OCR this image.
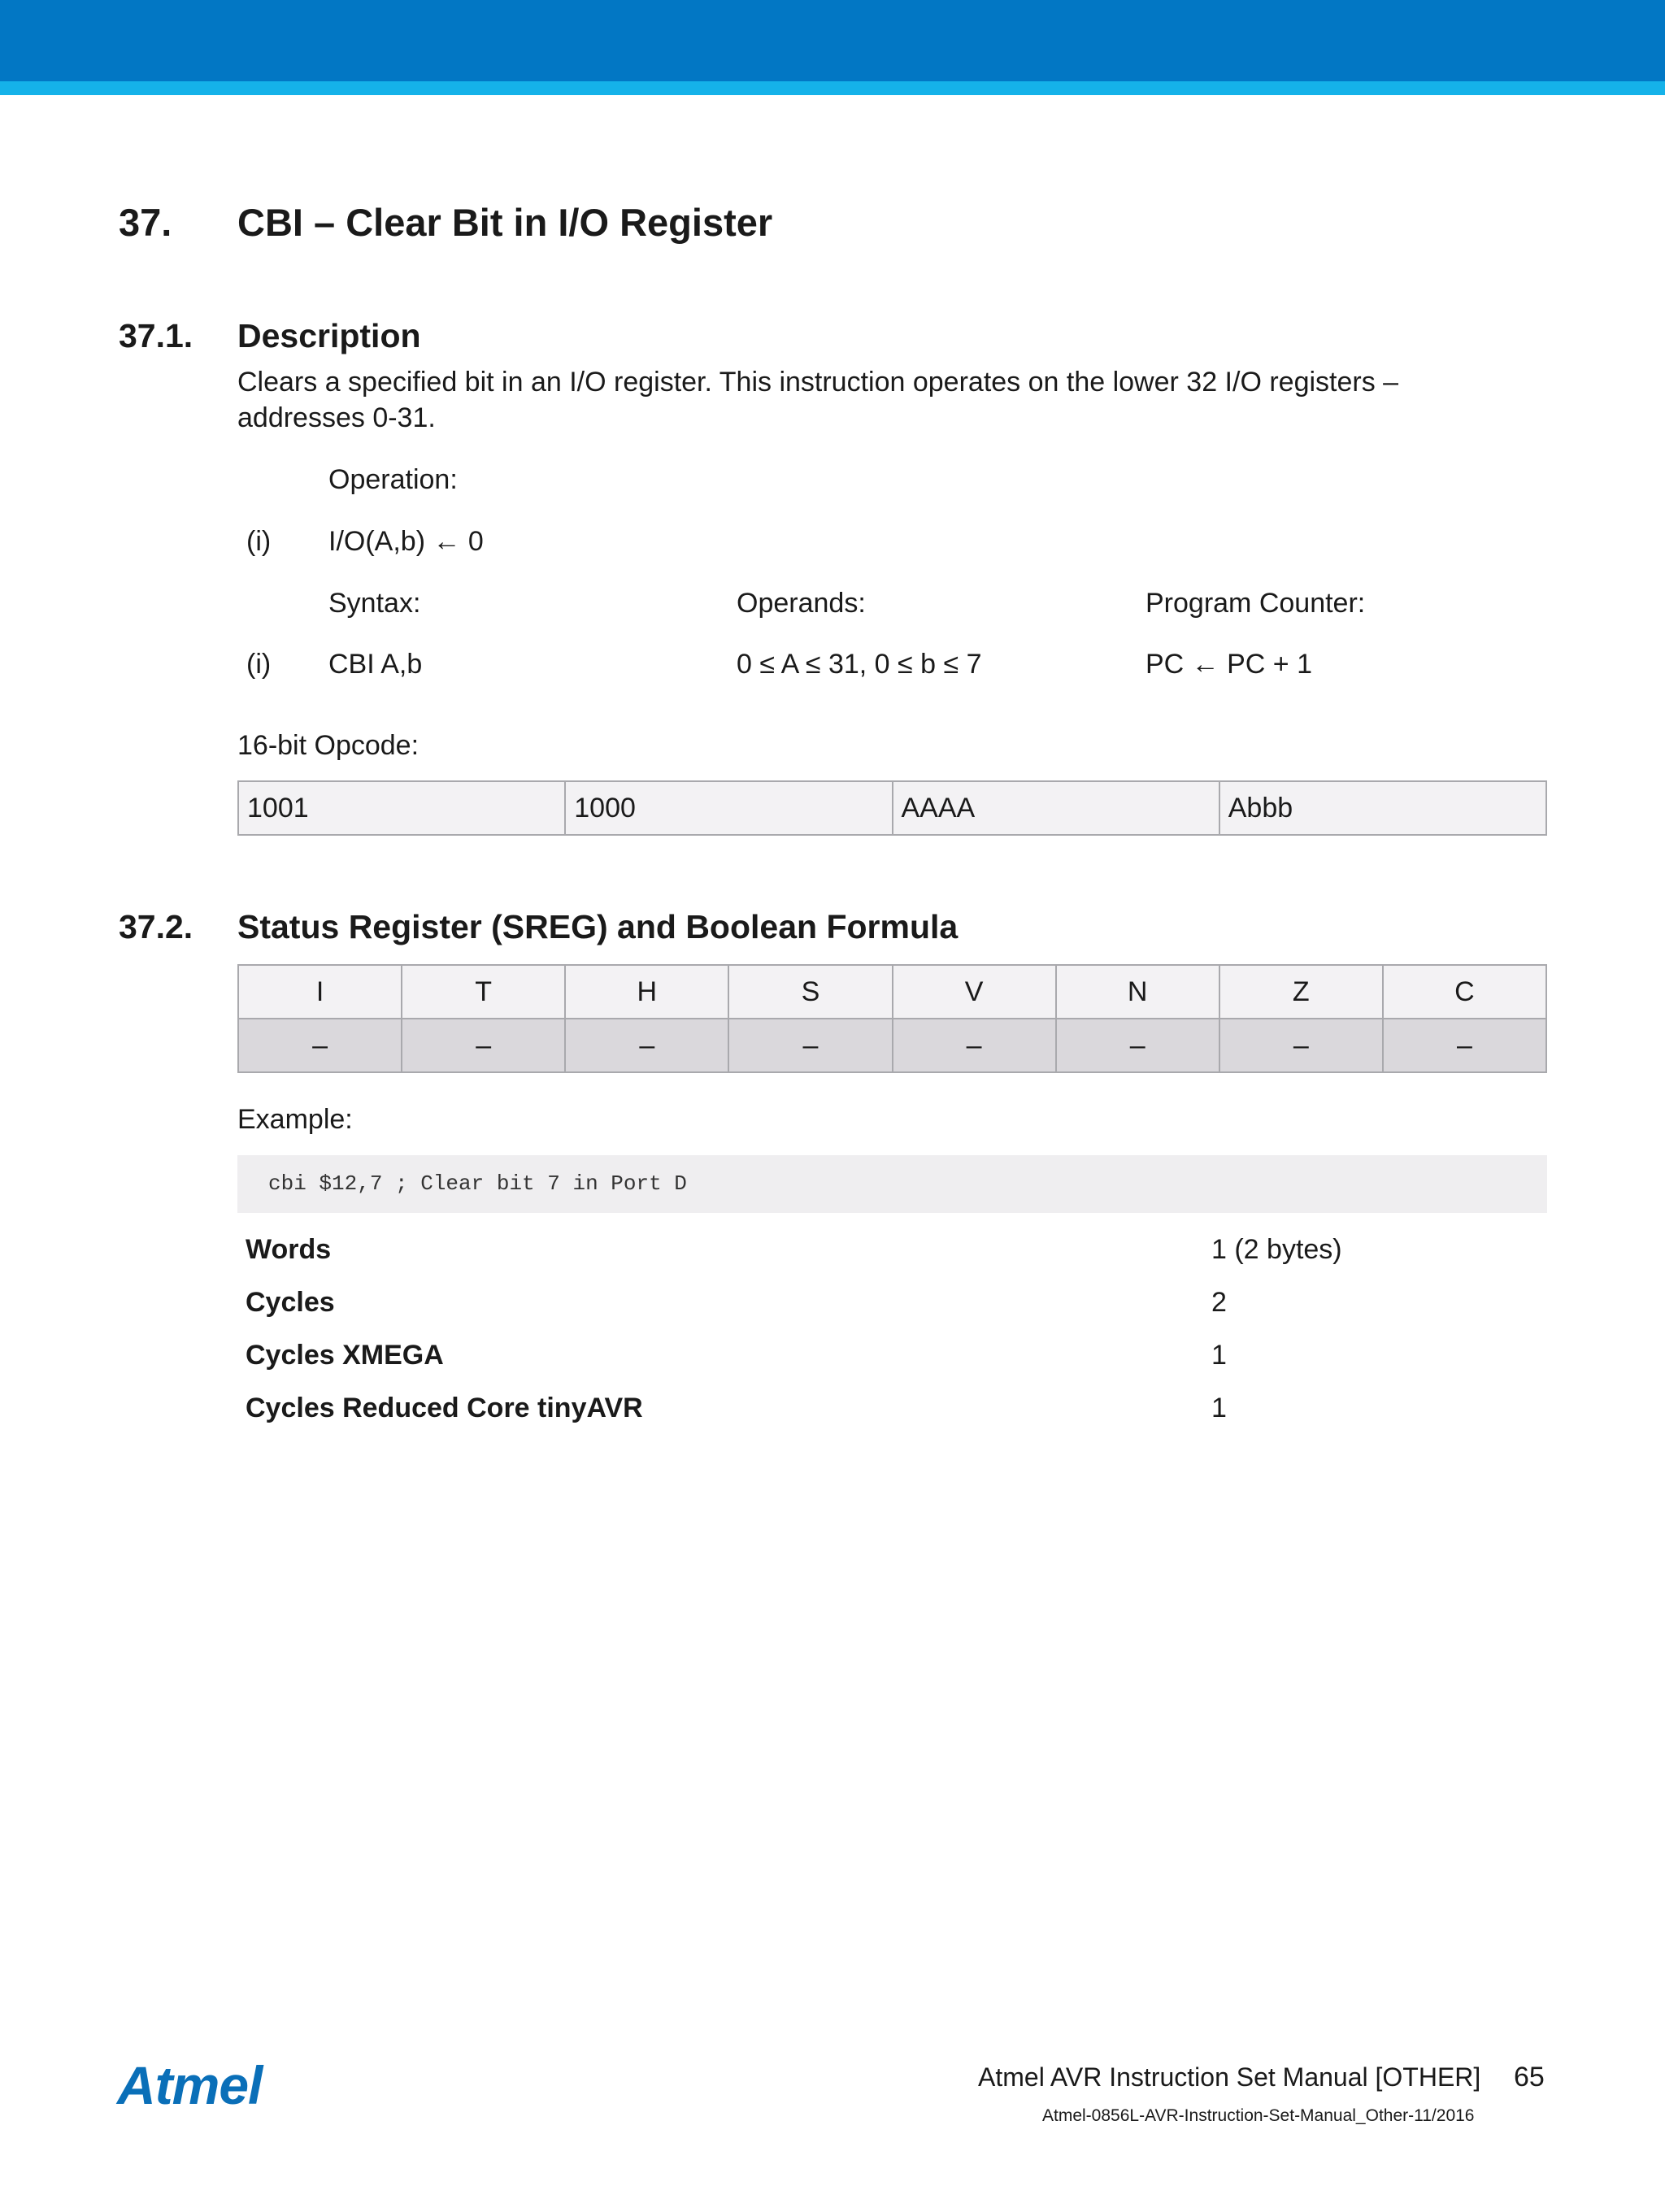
37. CBI – Clear Bit in I/O Register
37.1. Description
Clears a specified bit in an I/O register. This instruction operates on the lower 32 I/O registers –
addresses 0-31.
Operation:
(i) I/O(A,b) ← 0
Syntax:	Operands:	Program Counter:
(i) CBI A,b	0 ≤ A ≤ 31, 0 ≤ b ≤ 7	PC ← PC + 1
16-bit Opcode:
1001	1000	AAAA	Abbb
37.2. Status Register (SREG) and Boolean Formula
I	T	H	S	V	N	Z	C
–	–	–	–	–	–	–	–
Example:
cbi $12,7 ; Clear bit 7 in Port D
Words	1 (2 bytes)
Cycles	2
Cycles XMEGA	1
Cycles Reduced Core tinyAVR	1
Atmel	Atmel AVR Instruction Set Manual [OTHER] 65
Atmel-0856L-AVR-Instruction-Set-Manual_Other-11/2016
